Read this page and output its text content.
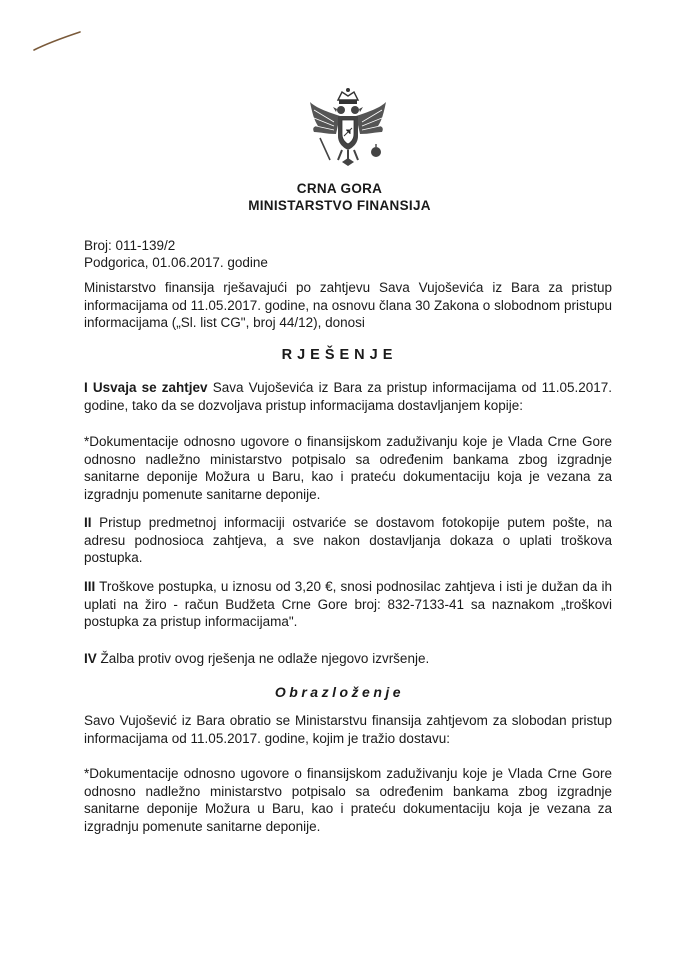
CRNA GORA
MINISTARSTVO FINANSIJA
Broj: 011-139/2
Podgorica, 01.06.2017. godine
Ministarstvo finansija rješavajući po zahtjevu Sava Vujoševića iz Bara za pristup informacijama od 11.05.2017. godine, na osnovu člana 30 Zakona o slobodnom pristupu informacijama („Sl. list CG", broj 44/12), donosi
RJEŠENJE
I Usvaja se zahtjev Sava Vujoševića iz Bara za pristup informacijama od 11.05.2017. godine, tako da se dozvoljava pristup informacijama dostavljanjem kopije:
*Dokumentacije odnosno ugovore o finansijskom zaduživanju koje je Vlada Crne Gore odnosno nadležno ministarstvo potpisalo sa određenim bankama zbog izgradnje sanitarne deponije Možura u Baru, kao i prateću dokumentaciju koja je vezana za izgradnju pomenute sanitarne deponije.
II Pristup predmetnoj informaciji ostvariće se dostavom fotokopije putem pošte, na adresu podnosioca zahtjeva, a sve nakon dostavljanja dokaza o uplati troškova postupka.
III Troškove postupka, u iznosu od 3,20 €, snosi podnosilac zahtjeva i isti je dužan da ih uplati na žiro - račun Budžeta Crne Gore broj: 832-7133-41 sa naznakom „troškovi postupka za pristup informacijama".
IV Žalba protiv ovog rješenja ne odlaže njegovo izvršenje.
Obrazloženje
Savo Vujošević iz Bara obratio se Ministarstvu finansija zahtjevom za slobodan pristup informacijama od 11.05.2017. godine, kojim je tražio dostavu:
*Dokumentacije odnosno ugovore o finansijskom zaduživanju koje je Vlada Crne Gore odnosno nadležno ministarstvo potpisalo sa određenim bankama zbog izgradnje sanitarne deponije Možura u Baru, kao i prateću dokumentaciju koja je vezana za izgradnju pomenute sanitarne deponije.
